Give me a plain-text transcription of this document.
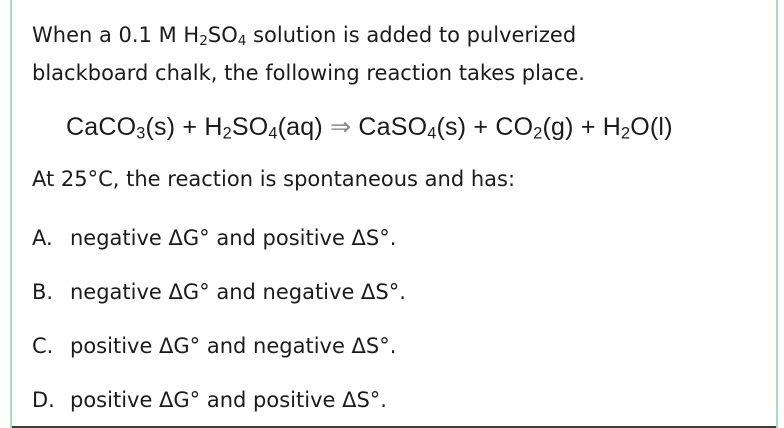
When a 0.1 M $H_2SO_4$ solution is added to pulverized
blackboard chalk, the following reaction takes place.
CaCO$_3$(s) + $H_2SO_4(aq)$ ⇒ CaSO$_4$(s) + $CO_2(g) + H_2O(l)$
At 25°C, the reaction is spontaneous and has:
A. negative ΔG° and positive ΔS°.
B. negative ΔG° and negative ΔS°.
C. positive ΔG° and negative ΔS°.
D. positive ΔG° and positive ΔS°.
